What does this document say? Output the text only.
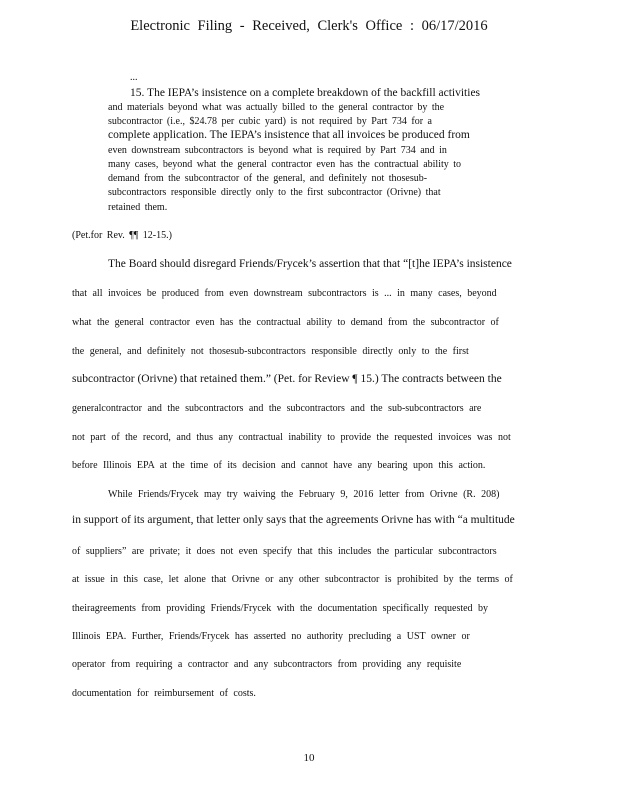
Electronic Filing - Received, Clerk's Office : 06/17/2016
...
15. The IEPA’s insistence on a complete breakdown of the backfill activities
and materials beyond what was actually billed to the general contractor by the
subcontractor (i.e., $24.78 per cubic yard) is not required by Part 734 for a
complete application. The IEPA’s insistence that all invoices be produced from
even downstream subcontractors is beyond what is required by Part 734 and in
many cases, beyond what the general contractor even has the contractual ability to
demand from the subcontractor of the general, and definitely not thosesub-
subcontractors responsible directly only to the first subcontractor (Orivne) that
retained them.
(Pet.for Rev. ¶¶ 12-15.)
The Board should disregard Friends/Frycek’s assertion that that “[t]he IEPA’s insistence
that all invoices be produced from even downstream subcontractors is ... in many cases, beyond
what the general contractor even has the contractual ability to demand from the subcontractor of
the general, and definitely not thosesub-subcontractors responsible directly only to the first
subcontractor (Orivne) that retained them.” (Pet. for Review ¶ 15.) The contracts between the
generalcontractor and the subcontractors and the subcontractors and the sub-subcontractors are
not part of the record, and thus any contractual inability to provide the requested invoices was not
before Illinois EPA at the time of its decision and cannot have any bearing upon this action.
While Friends/Frycek may try waiving the February 9, 2016 letter from Orivne (R. 208)
in support of its argument, that letter only says that the agreements Orivne has with “a multitude
of suppliers” are private; it does not even specify that this includes the particular subcontractors
at issue in this case, let alone that Orivne or any other subcontractor is prohibited by the terms of
theiragreements from providing Friends/Frycek with the documentation specifically requested by
Illinois EPA. Further, Friends/Frycek has asserted no authority precluding a UST owner or
operator from requiring a contractor and any subcontractors from providing any requisite
documentation for reimbursement of costs.
10
